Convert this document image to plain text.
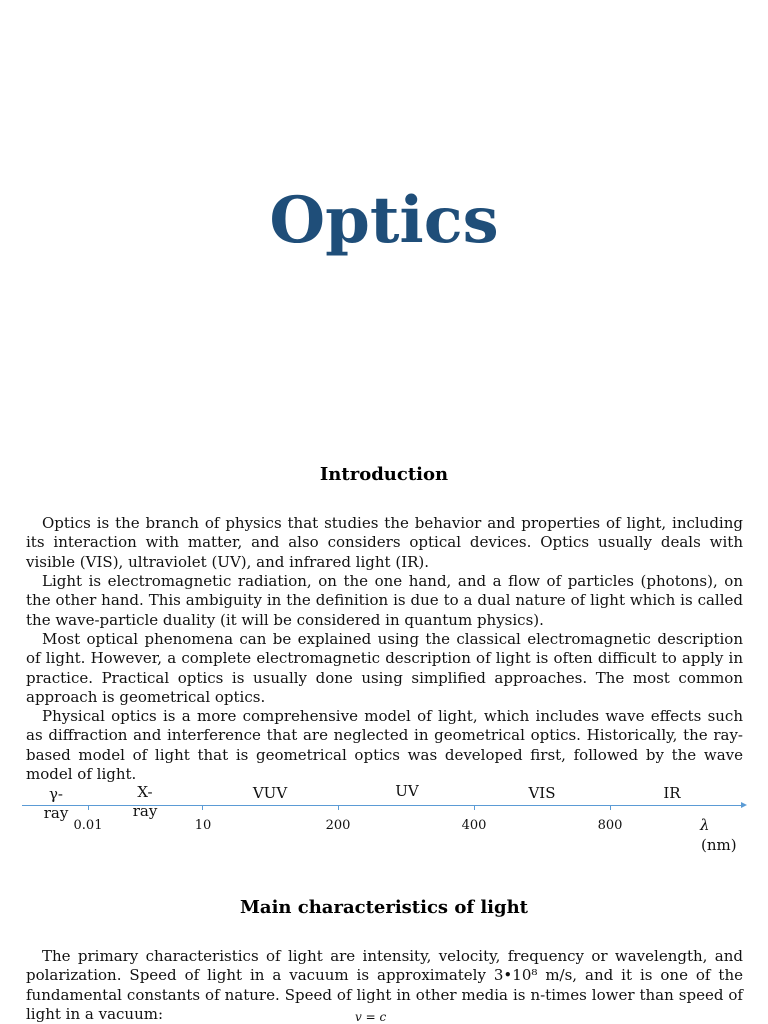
Optics
Introduction

Optics is the branch of physics that studies the behavior and properties of light, including its interaction with matter, and also considers optical devices. Optics usually deals with visible (VIS), ultraviolet (UV), and infrared light (IR).

Light is electromagnetic radiation, on the one hand, and a flow of particles (photons), on the other hand. This ambiguity in the definition is due to a dual nature of light which is called the wave-particle duality (it will be considered in quantum physics).

Most optical phenomena can be explained using the classical electromagnetic description of light. However, a complete electromagnetic description of light is often difficult to apply in practice. Practical optics is usually done using simplified approaches. The most common approach is geometrical optics.

Physical optics is a more comprehensive model of light, which includes wave effects such as diffraction and interference that are neglected in geometrical optics. Historically, the ray-based model of light that is geometrical optics was developed first, followed by the wave model of light.

γ-ray
X-ray
VUV	UV	VIS	IR
0.01	10	200	400	800	λ
(nm)
Main characteristics of light

The primary characteristics of light are intensity, velocity, frequency or wavelength, and polarization. Speed of light in a vacuum is approximately 3•10⁸ m/s, and it is one of the fundamental constants of nature. Speed of light in other media is n-times lower than speed of light in a vacuum:	v = c
